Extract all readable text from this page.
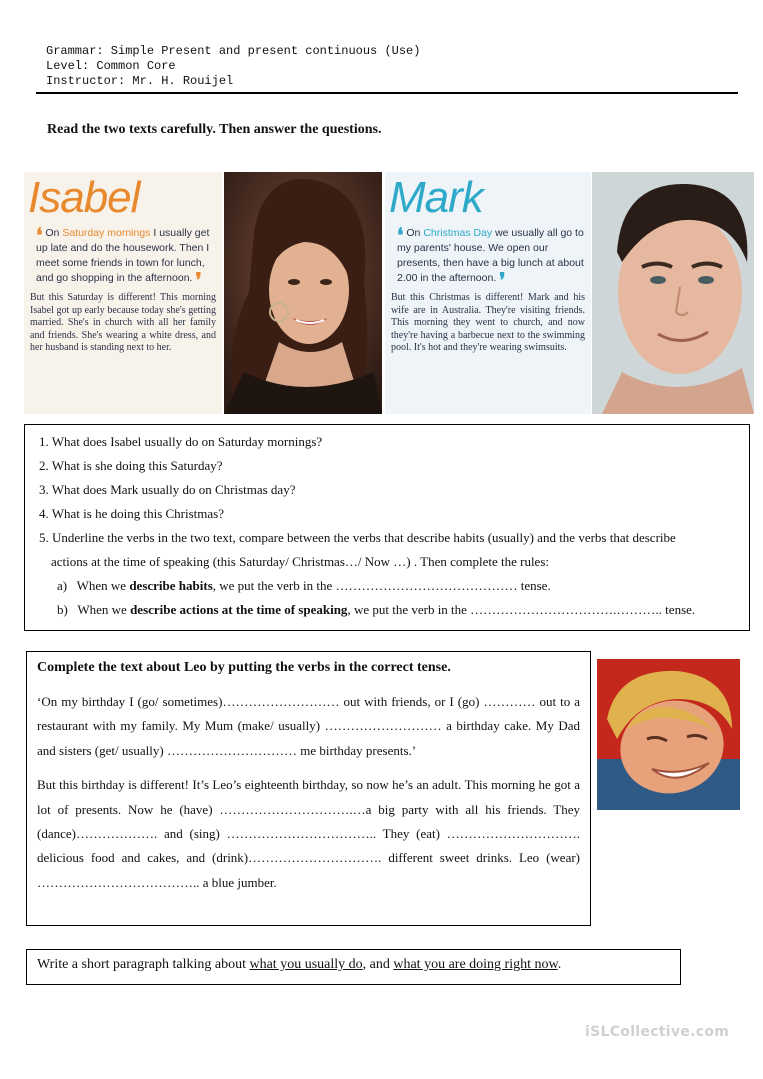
Grammar: Simple Present and present continuous (Use)
Level: Common Core
Instructor: Mr. H. Rouijel
Read the two texts carefully. Then answer the questions.
Isabel
❛ On Saturday mornings I usually get up late and do the housework. Then I meet some friends in town for lunch, and go shopping in the afternoon. ❜
But this Saturday is different! This morning Isabel got up early because today she's getting married. She's in church with all her family and friends. She's wearing a white dress, and her husband is standing next to her.
Mark
❛ On Christmas Day we usually all go to my parents' house. We open our presents, then have a big lunch at about 2.00 in the afternoon. ❜
But this Christmas is different! Mark and his wife are in Australia. They're visiting friends. This morning they went to church, and now they're having a barbecue next to the swimming pool. It's hot and they're wearing swimsuits.
1. What does Isabel usually do on Saturday mornings?
2. What is she doing this Saturday?
3. What does Mark usually do on Christmas day?
4. What is he doing this Christmas?
5. Underline the verbs in the two text, compare between the verbs that describe habits (usually) and the verbs that describe
actions at the time of speaking (this Saturday/ Christmas…/ Now …) . Then complete the rules:
a) When we describe habits, we put the verb in the …………………………………… tense.
b) When we describe actions at the time of speaking, we put the verb in the …………………………….……….. tense.
Complete the text about Leo by putting the verbs in the correct tense.

‘On my birthday I (go/ sometimes)……………………… out with friends, or I (go) ………… out to a restaurant with my family. My Mum (make/ usually) ……………………… a birthday cake. My Dad and sisters (get/ usually) ………………………… me birthday presents.’

But this birthday is different! It’s Leo’s eighteenth birthday, so now he’s an adult. This morning he got a lot of presents. Now he (have) ………………………….…a big party with all his friends. They (dance)………………. and (sing) …………………………….. They (eat) …………………………. delicious food and cakes, and (drink)…………………………. different sweet drinks. Leo (wear) ……………………………….. a blue jumber.

Write a short paragraph talking about what you usually do, and what you are doing right now.
iSLCollective.com
